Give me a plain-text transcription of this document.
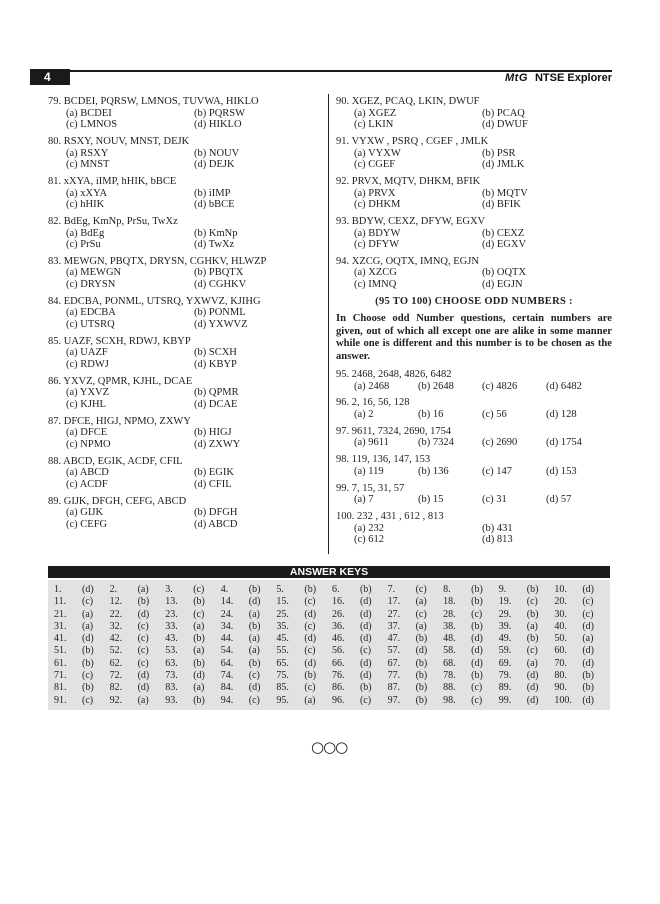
4	MtG NTSE Explorer
79. BCDEI, PQRSW, LMNOS, TUVWA, HIKLO
(a) BCDEI	(b) PQRSW
(c) LMNOS	(d) HIKLO
80. RSXY, NOUV, MNST, DEJK
(a) RSXY	(b) NOUV
(c) MNST	(d) DEJK
81. xXYA, iIMP, hHIK, bBCE
(a) xXYA	(b) iIMP
(c) hHIK	(d) bBCE
82. BdEg, KmNp, PrSu, TwXz
(a) BdEg	(b) KmNp
(c) PrSu	(d) TwXz
83. MEWGN, PBQTX, DRYSN, CGHKV, HLWZP
(a) MEWGN	(b) PBQTX
(c) DRYSN	(d) CGHKV
84. EDCBA, PONML, UTSRQ, YXWVZ, KJIHG
(a) EDCBA	(b) PONML
(c) UTSRQ	(d) YXWVZ
85. UAZF, SCXH, RDWJ, KBYP
(a) UAZF	(b) SCXH
(c) RDWJ	(d) KBYP
86. YXVZ, QPMR, KJHL, DCAE
(a) YXVZ	(b) QPMR
(c) KJHL	(d) DCAE
87. DFCE, HIGJ, NPMO, ZXWY
(a) DFCE	(b) HIGJ
(c) NPMO	(d) ZXWY
88. ABCD, EGIK, ACDF, CFIL
(a) ABCD	(b) EGIK
(c) ACDF	(d) CFIL
89. GIJK, DFGH, CEFG, ABCD
(a) GIJK	(b) DFGH
(c) CEFG	(d) ABCD
90. XGEZ, PCAQ, LKIN, DWUF
(a) XGEZ	(b) PCAQ
(c) LKIN	(d) DWUF
91. VYXW , PSRQ , CGEF , JMLK
(a) VYXW	(b) PSR
(c) CGEF	(d) JMLK
92. PRVX, MQTV, DHKM, BFIK
(a) PRVX	(b) MQTV
(c) DHKM	(d) BFIK
93. BDYW, CEXZ, DFYW, EGXV
(a) BDYW	(b) CEXZ
(c) DFYW	(d) EGXV
94. XZCG, OQTX, IMNQ, EGJN
(a) XZCG	(b) OQTX
(c) IMNQ	(d) EGJN
(95 TO 100) CHOOSE ODD NUMBERS :
In Choose odd Number questions, certain numbers are given, out of which all except one are alike in some manner while one is different and this number is to be chosen as the answer.
95. 2468, 2648, 4826, 6482
(a) 2468	(b) 2648	(c) 4826	(d) 6482
96. 2, 16, 56, 128
(a) 2	(b) 16	(c) 56	(d) 128
97. 9611, 7324, 2690, 1754
(a) 9611	(b) 7324	(c) 2690	(d) 1754
98. 119, 136, 147, 153
(a) 119	(b) 136	(c) 147	(d) 153
99. 7, 15, 31, 57
(a) 7	(b) 15	(c) 31	(d) 57
100. 232 , 431 , 612 , 813
(a) 232	(b) 431
(c) 612	(d) 813
ANSWER KEYS
1. (d)	2. (a)	3. (c)	4. (b)	5. (b)	6. (b)	7. (c)	8. (b)	9. (b)	10. (d)
11. (c)	12. (b)	13. (b)	14. (d)	15. (c)	16. (d)	17. (a)	18. (b)	19. (c)	20. (c)
21. (a)	22. (d)	23. (c)	24. (a)	25. (d)	26. (d)	27. (c)	28. (c)	29. (b)	30. (c)
31. (a)	32. (c)	33. (a)	34. (b)	35. (c)	36. (d)	37. (a)	38. (b)	39. (a)	40. (d)
41. (d)	42. (c)	43. (b)	44. (a)	45. (d)	46. (d)	47. (b)	48. (d)	49. (b)	50. (a)
51. (b)	52. (c)	53. (a)	54. (a)	55. (c)	56. (c)	57. (d)	58. (d)	59. (c)	60. (d)
61. (b)	62. (c)	63. (b)	64. (b)	65. (d)	66. (d)	67. (b)	68. (d)	69. (a)	70. (d)
71. (c)	72. (d)	73. (d)	74. (c)	75. (b)	76. (d)	77. (b)	78. (b)	79. (d)	80. (b)
81. (b)	82. (d)	83. (a)	84. (d)	85. (c)	86. (b)	87. (b)	88. (c)	89. (d)	90. (b)
91. (c)	92. (a)	93. (b)	94. (c)	95. (a)	96. (c)	97. (b)	98. (c)	99. (d)	100. (d)
○○○
